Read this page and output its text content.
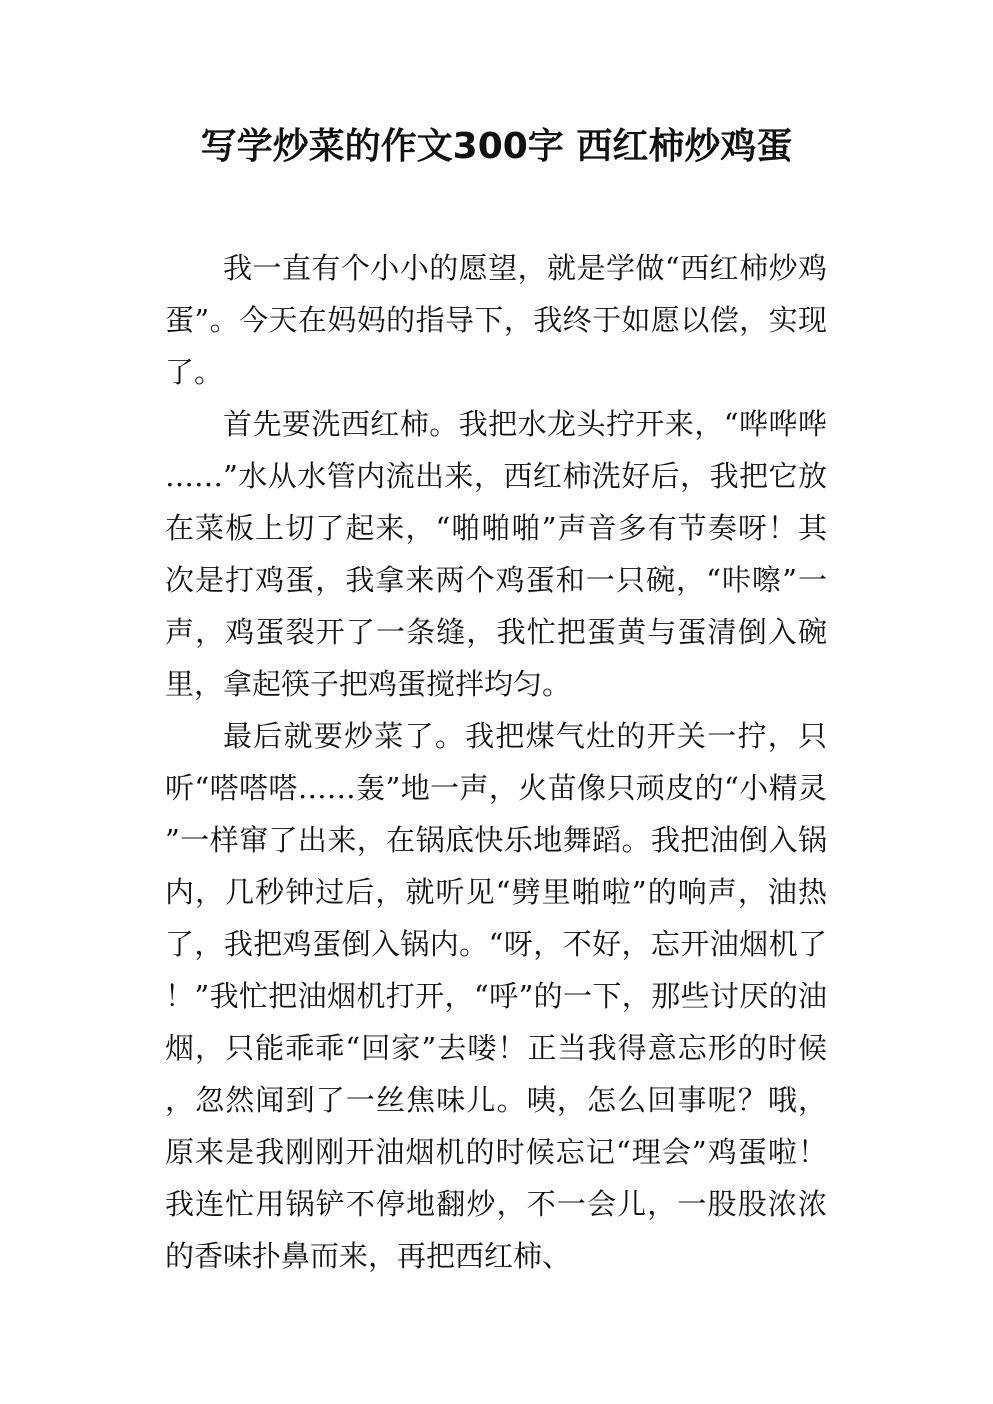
写学炒菜的作文300字 西红柿炒鸡蛋

我一直有个小小的愿望，就是学做“西红柿炒鸡蛋”。今天在妈妈的指导下，我终于如愿以偿，实现了。

首先要洗西红柿。我把水龙头拧开来，“哗哗哗……”水从水管内流出来，西红柿洗好后，我把它放在菜板上切了起来，“啪啪啪”声音多有节奏呀！其次是打鸡蛋，我拿来两个鸡蛋和一只碗，“咔嚓”一声，鸡蛋裂开了一条缝，我忙把蛋黄与蛋清倒入碗里，拿起筷子把鸡蛋搅拌均匀。

最后就要炒菜了。我把煤气灶的开关一拧，只听“嗒嗒嗒……轰”地一声，火苗像只顽皮的“小精灵”一样窜了出来，在锅底快乐地舞蹈。我把油倒入锅内，几秒钟过后，就听见“劈里啪啦”的响声，油热了，我把鸡蛋倒入锅内。“呀，不好，忘开油烟机了！”我忙把油烟机打开，“呼”的一下，那些讨厌的油烟，只能乖乖“回家”去喽！正当我得意忘形的时候，忽然闻到了一丝焦味儿。咦，怎么回事呢？哦，原来是我刚刚开油烟机的时候忘记“理会”鸡蛋啦！我连忙用锅铲不停地翻炒，不一会儿，一股股浓浓的香味扑鼻而来，再把西红柿、
